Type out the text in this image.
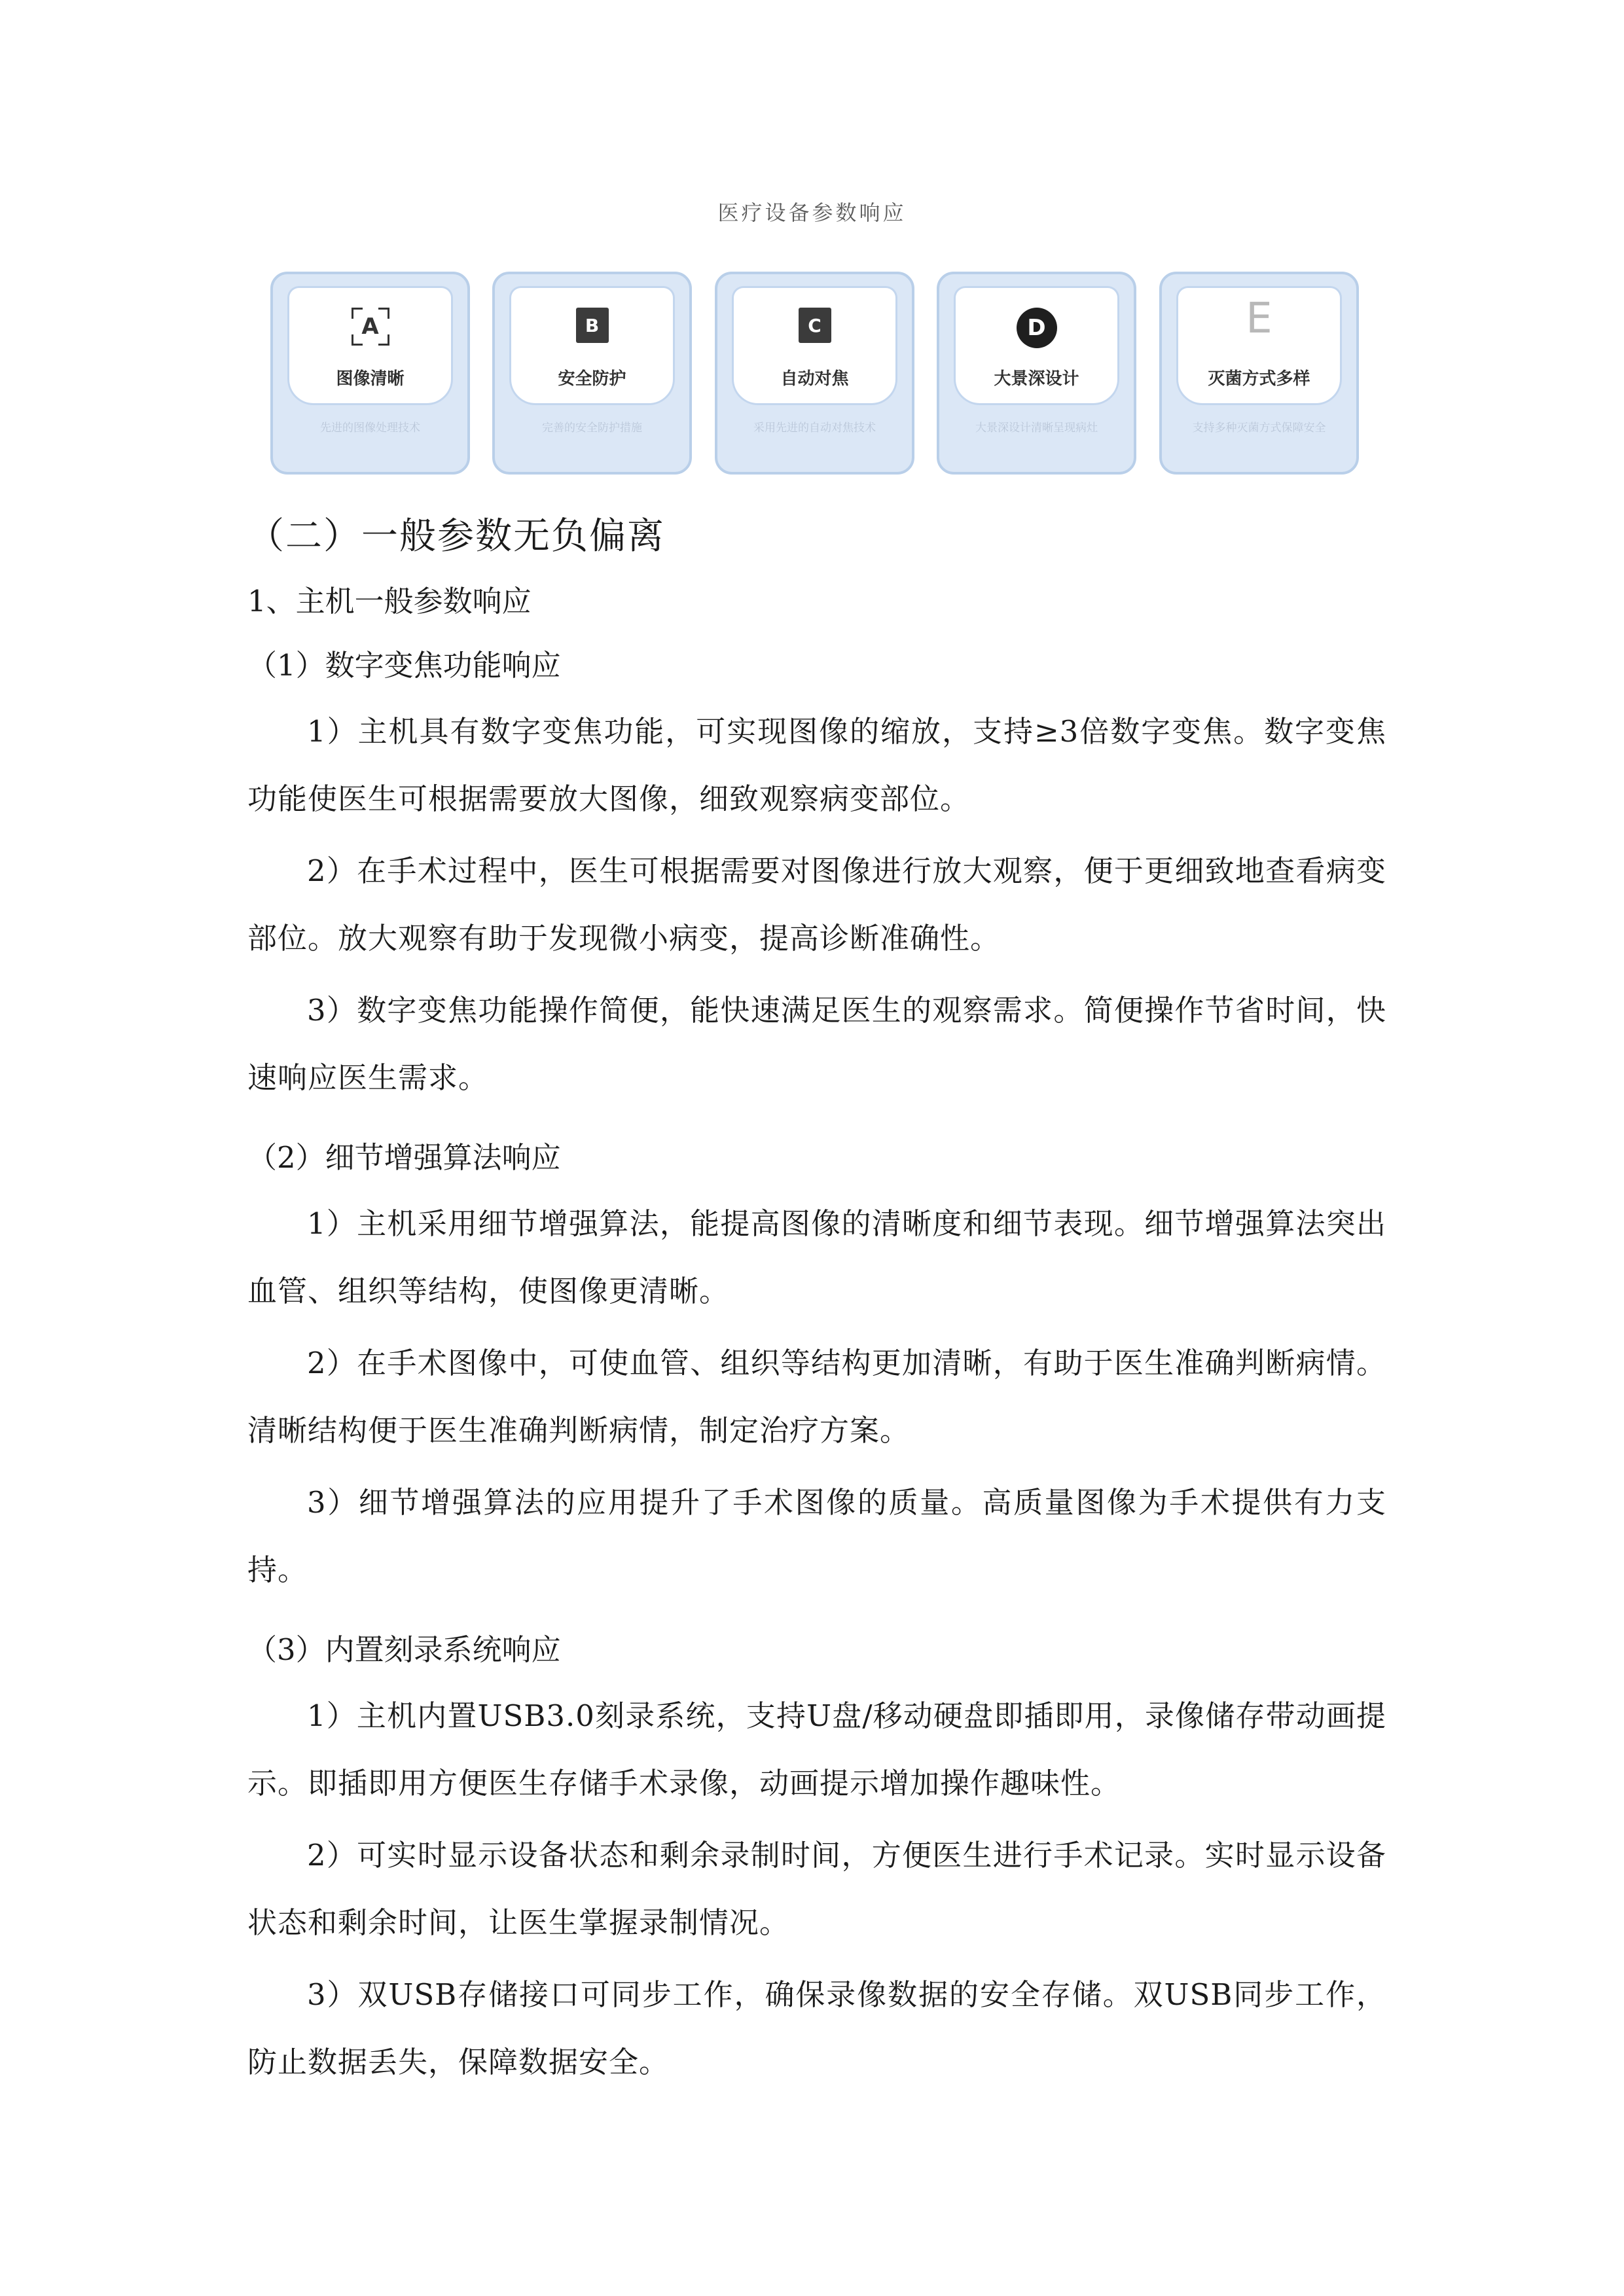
医疗设备参数响应
A
图像清晰
先进的图像处理技术
B
安全防护
完善的安全防护措施
C
自动对焦
采用先进的自动对焦技术
D
大景深设计
大景深设计清晰呈现病灶
E
灭菌方式多样
支持多种灭菌方式保障安全
（二）一般参数无负偏离

1、主机一般参数响应

（1）数字变焦功能响应

1）主机具有数字变焦功能，可实现图像的缩放，支持≥3倍数字变焦。数字变焦功能使医生可根据需要放大图像，细致观察病变部位。

2）在手术过程中，医生可根据需要对图像进行放大观察，便于更细致地查看病变部位。放大观察有助于发现微小病变，提高诊断准确性。

3）数字变焦功能操作简便，能快速满足医生的观察需求。简便操作节省时间，快速响应医生需求。

（2）细节增强算法响应

1）主机采用细节增强算法，能提高图像的清晰度和细节表现。细节增强算法突出血管、组织等结构，使图像更清晰。

2）在手术图像中，可使血管、组织等结构更加清晰，有助于医生准确判断病情。清晰结构便于医生准确判断病情，制定治疗方案。

3）细节增强算法的应用提升了手术图像的质量。高质量图像为手术提供有力支持。

（3）内置刻录系统响应

1）主机内置USB3.0刻录系统，支持U盘/移动硬盘即插即用，录像储存带动画提示。即插即用方便医生存储手术录像，动画提示增加操作趣味性。

2）可实时显示设备状态和剩余录制时间，方便医生进行手术记录。实时显示设备状态和剩余时间，让医生掌握录制情况。

3）双USB存储接口可同步工作，确保录像数据的安全存储。双USB同步工作，防止数据丢失，保障数据安全。
